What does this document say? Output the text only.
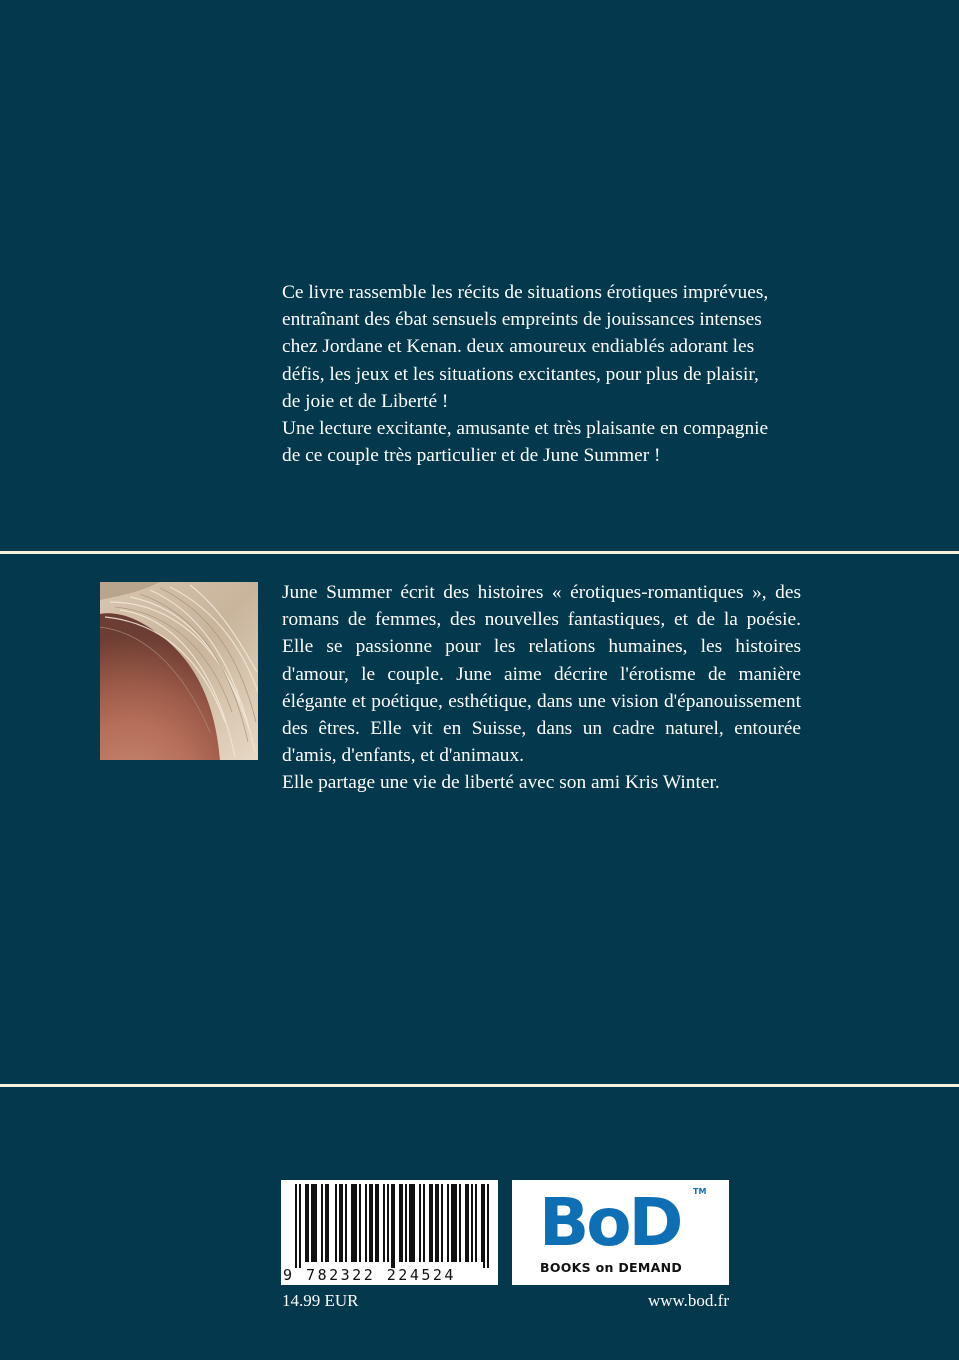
Ce livre rassemble les récits de situations érotiques imprévues,

entraînant des ébat sensuels empreints de jouissances intenses

chez Jordane et Kenan. deux amoureux endiablés adorant les

défis, les jeux et les situations excitantes, pour plus de plaisir,

de joie et de Liberté !

Une lecture excitante, amusante et très plaisante en compagnie

de ce couple très particulier et de June Summer !

June Summer écrit des histoires « érotiques-romantiques », des romans de femmes, des nouvelles fantastiques, et de la poésie. Elle se passionne pour les relations humaines, les histoires d'amour, le couple. June aime décrire l'érotisme de manière élégante et poétique, esthétique, dans une vision d'épanouissement des êtres. Elle vit en Suisse, dans un cadre naturel, entourée d'amis, d'enfants, et d'animaux.

Elle partage une vie de liberté avec son ami Kris Winter.

9 782322 224524
BoD TM
BOOKS on DEMAND
14.99 EUR	www.bod.fr
